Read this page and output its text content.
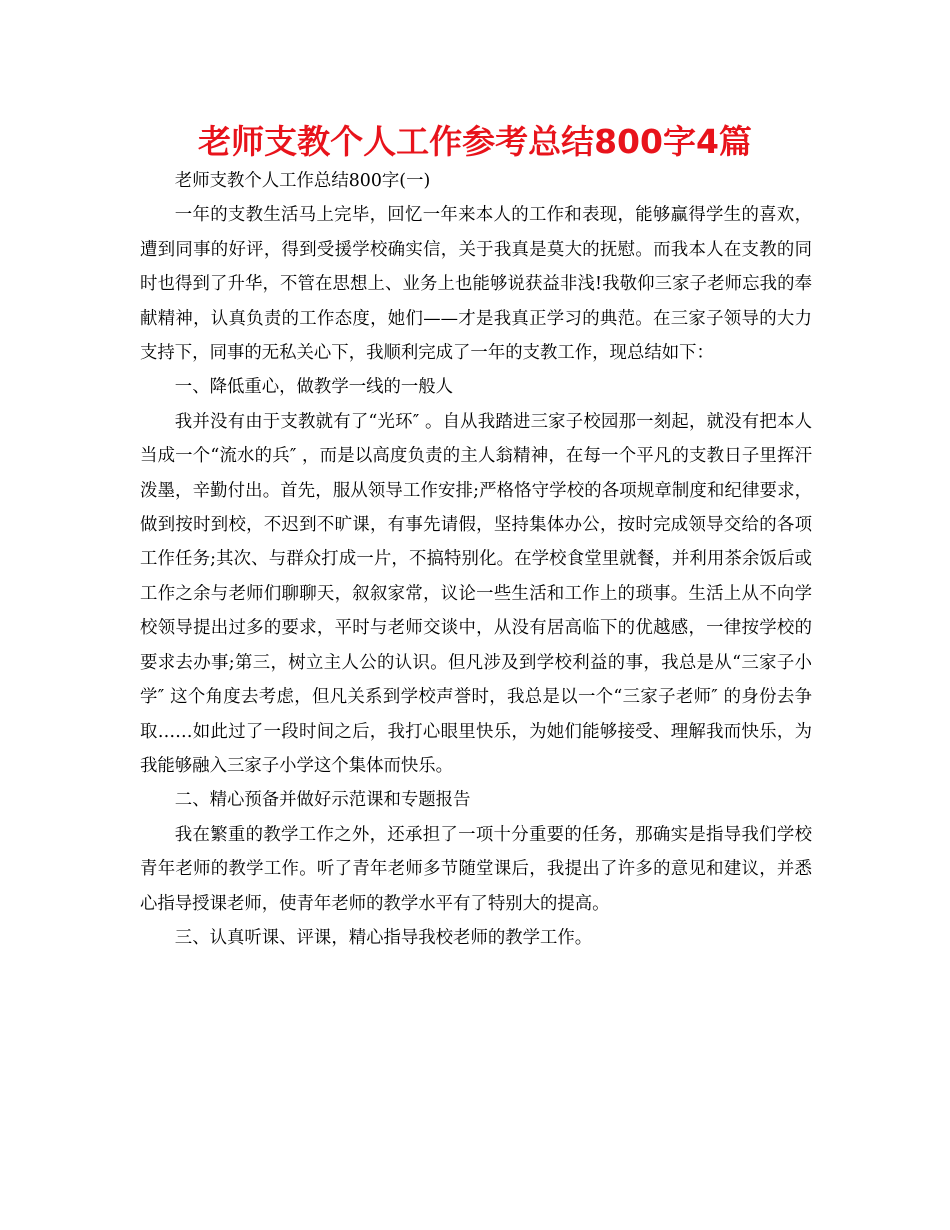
老师支教个人工作参考总结800字4篇

老师支教个人工作总结800字(一)

一年的支教生活马上完毕，回忆一年来本人的工作和表现，能够赢得学生的喜欢，遭到同事的好评，得到受援学校确实信，关于我真是莫大的抚慰。而我本人在支教的同时也得到了升华，不管在思想上、业务上也能够说获益非浅!我敬仰三家子老师忘我的奉献精神，认真负责的工作态度，她们——才是我真正学习的典范。在三家子领导的大力支持下，同事的无私关心下，我顺利完成了一年的支教工作，现总结如下：

一、降低重心，做教学一线的一般人

我并没有由于支教就有了“光环″ 。自从我踏进三家子校园那一刻起，就没有把本人当成一个“流水的兵″ ，而是以高度负责的主人翁精神，在每一个平凡的支教日子里挥汗泼墨，辛勤付出。首先，服从领导工作安排;严格恪守学校的各项规章制度和纪律要求，做到按时到校，不迟到不旷课，有事先请假，坚持集体办公，按时完成领导交给的各项工作任务;其次、与群众打成一片，不搞特别化。在学校食堂里就餐，并利用茶余饭后或工作之余与老师们聊聊天，叙叙家常，议论一些生活和工作上的琐事。生活上从不向学校领导提出过多的要求，平时与老师交谈中，从没有居高临下的优越感，一律按学校的要求去办事;第三，树立主人公的认识。但凡涉及到学校利益的事，我总是从“三家子小学″ 这个角度去考虑，但凡关系到学校声誉时，我总是以一个“三家子老师″ 的身份去争取……如此过了一段时间之后，我打心眼里快乐，为她们能够接受、理解我而快乐，为我能够融入三家子小学这个集体而快乐。

二、精心预备并做好示范课和专题报告

我在繁重的教学工作之外，还承担了一项十分重要的任务，那确实是指导我们学校青年老师的教学工作。听了青年老师多节随堂课后，我提出了许多的意见和建议，并悉心指导授课老师，使青年老师的教学水平有了特别大的提高。

三、认真听课、评课，精心指导我校老师的教学工作。
